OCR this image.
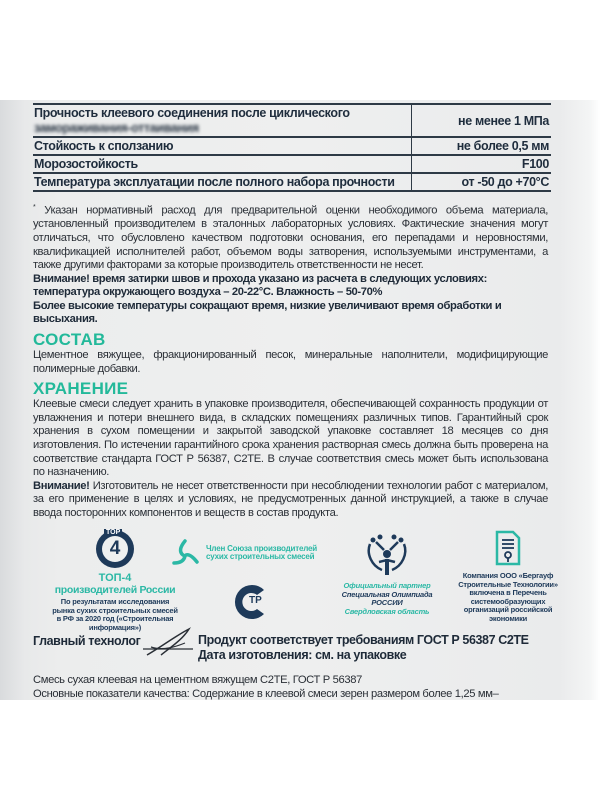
Прочность клеевого соединения после циклического
замораживания-оттаивания	не менее 1 МПа
Стойкость к сползанию	не более 0,5 мм
Морозостойкость	F100
Температура эксплуатации после полного набора прочности	от -50 до +70°С

* Указан нормативный расход для предварительной оценки необходимого объема материала, установленный производителем в эталонных лабораторных условиях. Фактические значения могут отличаться, что обусловлено качеством подготовки основания, его перепадами и неровностями, квалификацией исполнителей работ, объемом воды затворения, используемыми инструментами, а также другими факторами за которые производитель ответственности не несет.

Внимание! время затирки швов и прохода указано из расчета в следующих условиях: температура окружающего воздуха – 20-22°С. Влажность – 50-70%

Более высокие температуры сокращают время, низкие увеличивают время обработки и высыхания.

СОСТАВ

Цементное вяжущее, фракционированный песок, минеральные наполнители, модифицирующие полимерные добавки.

ХРАНЕНИЕ

Клеевые смеси следует хранить в упаковке производителя, обеспечивающей сохранность продукции от увлажнения и потери внешнего вида, в складских помещениях различных типов. Гарантийный срок хранения в сухом помещении и закрытой заводской упаковке составляет 18 месяцев со дня изготовления. По истечении гарантийного срока хранения растворная смесь должна быть проверена на соответствие стандарта ГОСТ Р 56387, С2ТЕ. В случае соответствия смесь может быть использована по назначению.

Внимание! Изготовитель не несет ответственности при несоблюдении технологии работ с материалом, за его применение в целях и условиях, не предусмотренных данной инструкцией, а также в случае ввода посторонних компонентов и веществ в состав продукта.

4
TOP
ТОП-4
производителей России
По результатам исследования рынка сухих строительных смесей в РФ за 2020 год («Строительная информация»)
Член Союза производителей
сухих строительных смесей
ТР
Официальный партнер
Специальная Олимпиада
РОССИИ
Свердловская область
Компания ООО «Бергауф Строительные Технологии» включена в Перечень системообразующих организаций российской экономики
Главный технолог	Продукт соответствует требованиям ГОСТ Р 56387 С2ТЕ
Дата изготовления: см. на упаковке

Смесь сухая клеевая на цементном вяжущем С2ТЕ, ГОСТ Р 56387

Основные показатели качества: Содержание в клеевой смеси зерен размером более 1,25 мм–
